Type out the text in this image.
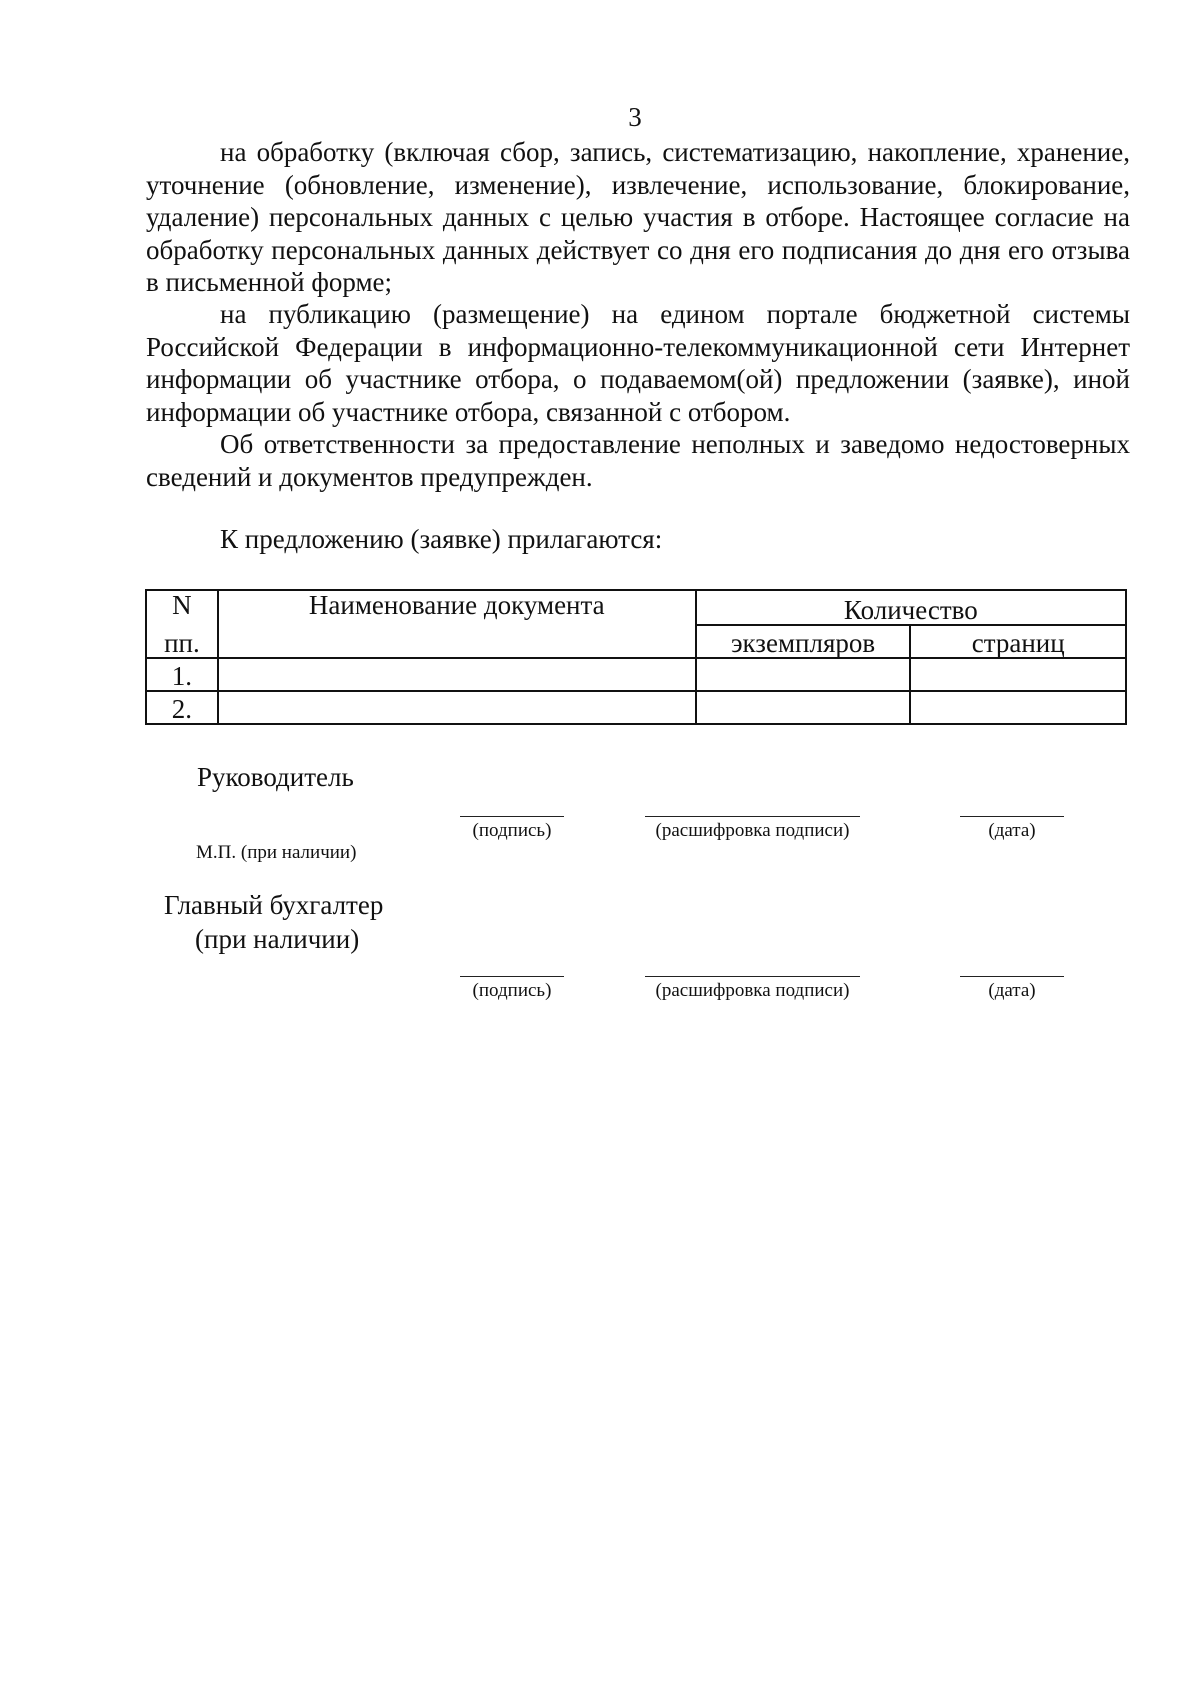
3
на обработку (включая сбор, запись, систематизацию, накопление, хранение, уточнение (обновление, изменение), извлечение, использование, блокирование, удаление) персональных данных с целью участия в отборе. Настоящее согласие на обработку персональных данных действует со дня его подписания до дня его отзыва в письменной форме;
на публикацию (размещение) на едином портале бюджетной системы Российской Федерации в информационно-телекоммуникационной сети Интернет информации об участнике отбора, о подаваемом(ой) предложении (заявке), иной информации об участнике отбора, связанной с отбором.
Об ответственности за предоставление неполных и заведомо недостоверных сведений и документов предупрежден.
К предложению (заявке) прилагаются:
N	Наименование документа	Количество	
пп.		экземпляров	страниц
1.			
2.			
Руководитель
(подпись)	(расшифровка подписи)	(дата)
М.П. (при наличии)
Главный бухгалтер
(при наличии)
(подпись)	(расшифровка подписи)	(дата)
